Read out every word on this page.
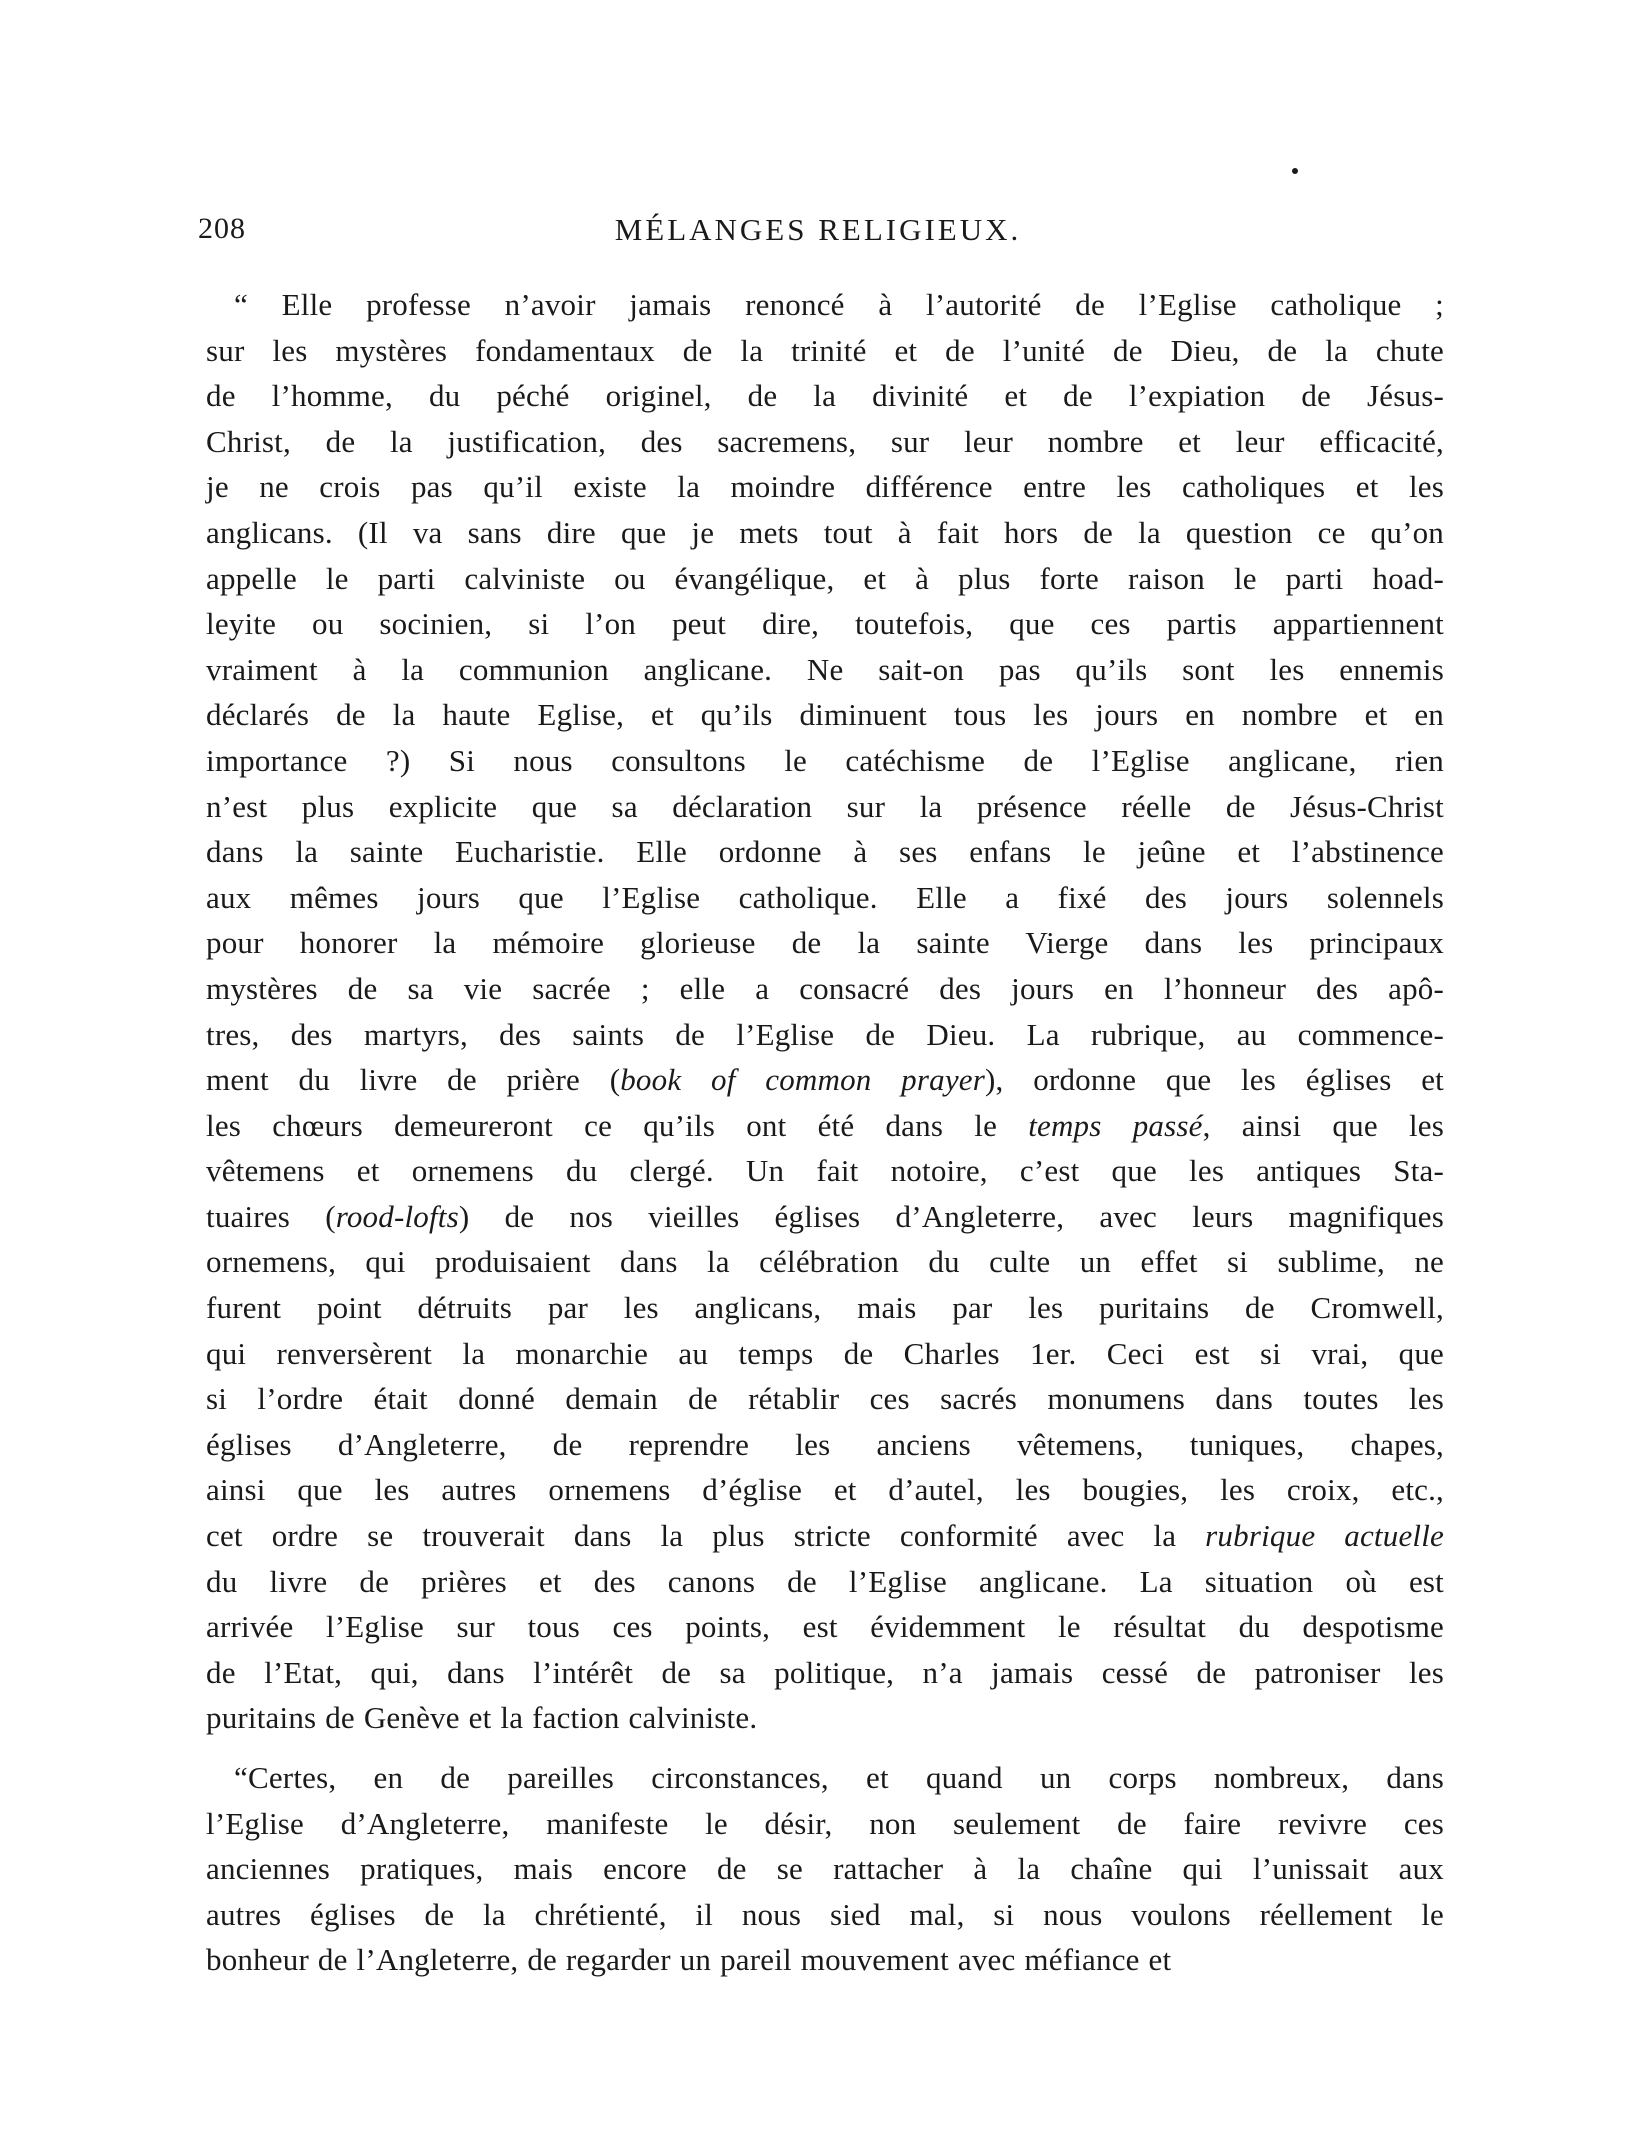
208	MÉLANGES RELIGIEUX.
“ Elle professe n’avoir jamais renoncé à l’autorité de l’Eglise catholique ;
sur les mystères fondamentaux de la trinité et de l’unité de Dieu, de la chute
de l’homme, du péché originel, de la divinité et de l’expiation de Jésus-
Christ, de la justification, des sacremens, sur leur nombre et leur efficacité,
je ne crois pas qu’il existe la moindre différence entre les catholiques et les
anglicans. (Il va sans dire que je mets tout à fait hors de la question ce qu’on
appelle le parti calviniste ou évangélique, et à plus forte raison le parti hoad-
leyite ou socinien, si l’on peut dire, toutefois, que ces partis appartiennent
vraiment à la communion anglicane. Ne sait-on pas qu’ils sont les ennemis
déclarés de la haute Eglise, et qu’ils diminuent tous les jours en nombre et en
importance ?) Si nous consultons le catéchisme de l’Eglise anglicane, rien
n’est plus explicite que sa déclaration sur la présence réelle de Jésus-Christ
dans la sainte Eucharistie. Elle ordonne à ses enfans le jeûne et l’abstinence
aux mêmes jours que l’Eglise catholique. Elle a fixé des jours solennels
pour honorer la mémoire glorieuse de la sainte Vierge dans les principaux
mystères de sa vie sacrée ; elle a consacré des jours en l’honneur des apô-
tres, des martyrs, des saints de l’Eglise de Dieu. La rubrique, au commence-
ment du livre de prière (book of common prayer), ordonne que les églises et
les chœurs demeureront ce qu’ils ont été dans le temps passé, ainsi que les
vêtemens et ornemens du clergé. Un fait notoire, c’est que les antiques Sta-
tuaires (rood-lofts) de nos vieilles églises d’Angleterre, avec leurs magnifiques
ornemens, qui produisaient dans la célébration du culte un effet si sublime, ne
furent point détruits par les anglicans, mais par les puritains de Cromwell,
qui renversèrent la monarchie au temps de Charles 1er. Ceci est si vrai, que
si l’ordre était donné demain de rétablir ces sacrés monumens dans toutes les
églises d’Angleterre, de reprendre les anciens vêtemens, tuniques, chapes,
ainsi que les autres ornemens d’église et d’autel, les bougies, les croix, etc.,
cet ordre se trouverait dans la plus stricte conformité avec la rubrique actuelle
du livre de prières et des canons de l’Eglise anglicane. La situation où est
arrivée l’Eglise sur tous ces points, est évidemment le résultat du despotisme
de l’Etat, qui, dans l’intérêt de sa politique, n’a jamais cessé de patroniser les
puritains de Genève et la faction calviniste.
“Certes, en de pareilles circonstances, et quand un corps nombreux, dans
l’Eglise d’Angleterre, manifeste le désir, non seulement de faire revivre ces
anciennes pratiques, mais encore de se rattacher à la chaîne qui l’unissait aux
autres églises de la chrétienté, il nous sied mal, si nous voulons réellement le
bonheur de l’Angleterre, de regarder un pareil mouvement avec méfiance et
